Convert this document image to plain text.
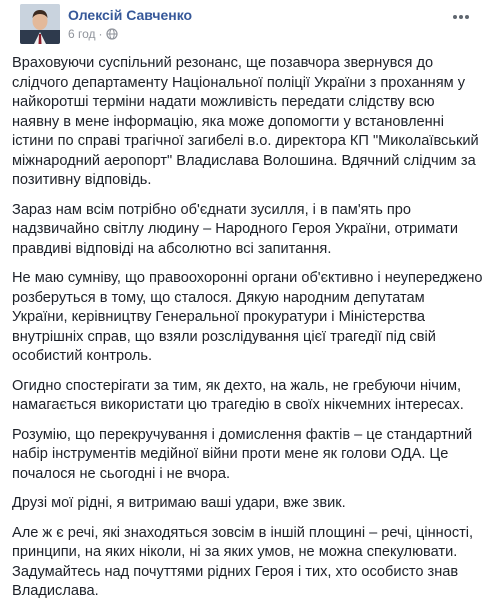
Олексій Савченко
6 год ·

Враховуючи суспільний резонанс, ще позавчора звернувся до слідчого департаменту Національної поліції України з проханням у найкоротші терміни надати можливість передати слідству всю наявну в мене інформацію, яка може допомогти у встановленні істини по справі трагічної загибелі в.о. директора КП "Миколаївський міжнародний аеропорт" Владислава Волошина. Вдячний слідчим за позитивну відповідь.

Зараз нам всім потрібно об'єднати зусилля, і в пам'ять про надзвичайно світлу людину – Народного Героя України, отримати правдиві відповіді на абсолютно всі запитання.

Не маю сумніву, що правоохоронні органи об'єктивно і неупереджено розберуться в тому, що сталося. Дякую народним депутатам України, керівництву Генеральної прокуратури і Міністерства внутрішніх справ, що взяли розслідування цієї трагедії під свій особистий контроль.

Огидно спостерігати за тим, як дехто, на жаль, не гребуючи нічим, намагається використати цю трагедію в своїх нікчемних інтересах.

Розумію, що перекручування і домислення фактів – це стандартний набір інструментів медійної війни проти мене як голови ОДА. Це почалося не сьогодні і не вчора.

Друзі мої рідні, я витримаю ваші удари, вже звик.

Але ж є речі, які знаходяться зовсім в іншій площині – речі, цінності, принципи, на яких ніколи, ні за яких умов, не можна спекулювати. Задумайтесь над почуттями рідних Героя і тих, хто особисто знав Владислава.
